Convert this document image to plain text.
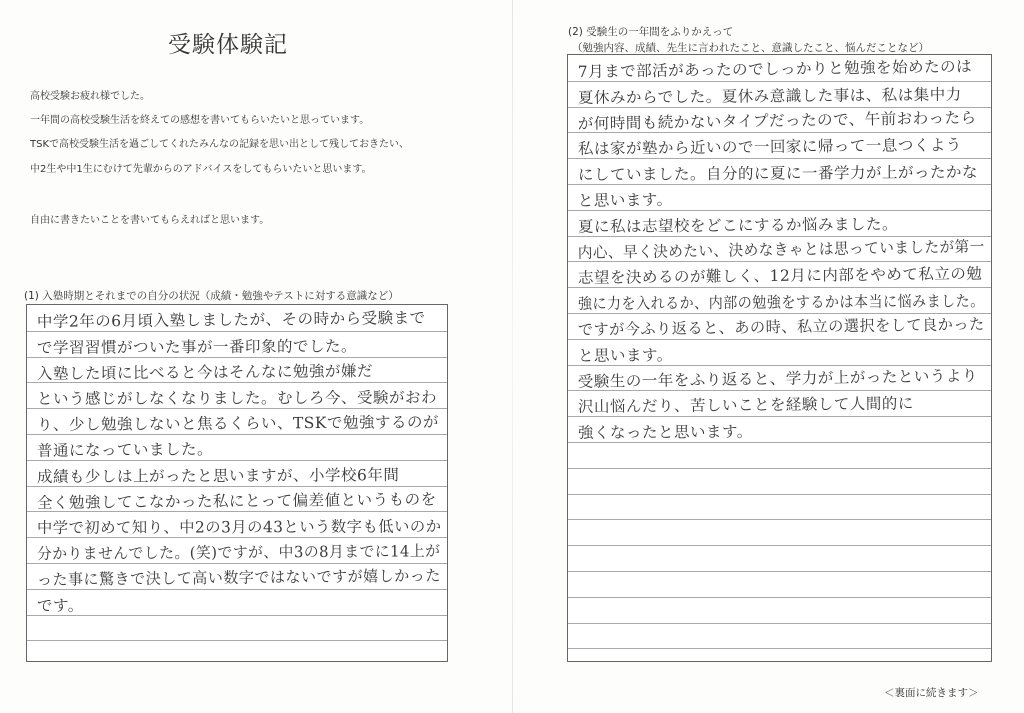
受験体験記
高校受験お疲れ様でした。
一年間の高校受験生活を終えての感想を書いてもらいたいと思っています。
TSKで高校受験生活を過ごしてくれたみんなの記録を思い出として残しておきたい、
中2生や中1生にむけて先輩からのアドバイスをしてもらいたいと思います。
自由に書きたいことを書いてもらえればと思います。
(1) 入塾時期とそれまでの自分の状況（成績・勉強やテストに対する意識など）
中学2年の6月頃入塾しましたが、その時から受験まで
で学習習慣がついた事が一番印象的でした。
入塾した頃に比べると今はそんなに勉強が嫌だ
という感じがしなくなりました。むしろ今、受験がおわ
り、少し勉強しないと焦るくらい、TSKで勉強するのが
普通になっていました。
成績も少しは上がったと思いますが、小学校6年間
全く勉強してこなかった私にとって偏差値というものを
中学で初めて知り、中2の3月の43という数字も低いのか
分かりませんでした。(笑)ですが、中3の8月までに14上が
った事に驚きで決して高い数字ではないですが嬉しかった
です。
(2) 受験生の一年間をふりかえって
（勉強内容、成績、先生に言われたこと、意識したこと、悩んだことなど）
7月まで部活があったのでしっかりと勉強を始めたのは
夏休みからでした。夏休み意識した事は、私は集中力
が何時間も続かないタイプだったので、午前おわったら
私は家が塾から近いので一回家に帰って一息つくよう
にしていました。自分的に夏に一番学力が上がったかな
と思います。
夏に私は志望校をどこにするか悩みました。
内心、早く決めたい、決めなきゃとは思っていましたが第一
志望を決めるのが難しく、12月に内部をやめて私立の勉
強に力を入れるか、内部の勉強をするかは本当に悩みました。
ですが今ふり返ると、あの時、私立の選択をして良かった
と思います。
受験生の一年をふり返ると、学力が上がったというより
沢山悩んだり、苦しいことを経験して人間的に
強くなったと思います。
＜裏面に続きます＞
